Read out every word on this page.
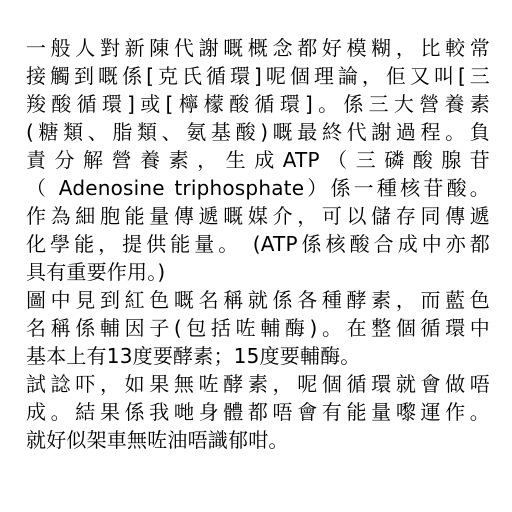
一般人對新陳代謝嘅概念都好模糊，比較常
接觸到嘅係[克氏循環]呢個理論，佢又叫[三
羧酸循環]或[檸檬酸循環]。係三大營養素
(糖類、脂類、氨基酸)嘅最終代謝過程。負
責 分 解 營 養 素 ， 生 成 ATP （ 三 磷 酸 腺 苷
（ Adenosine triphosphate）係一種核苷酸。
作為細胞能量傳遞嘅媒介，可以儲存同傳遞
化學能，提供能量。 (ATP係核酸合成中亦都
具有重要作用。)
圖中見到紅色嘅名稱就係各種酵素，而藍色
名稱係輔因子(包括咗輔酶)。在整個循環中
基本上有13度要酵素；15度要輔酶。
試諗吓，如果無咗酵素，呢個循環就會做唔
成。結果係我哋身體都唔會有能量嚟運作。
就好似架車無咗油唔識郁咁。
